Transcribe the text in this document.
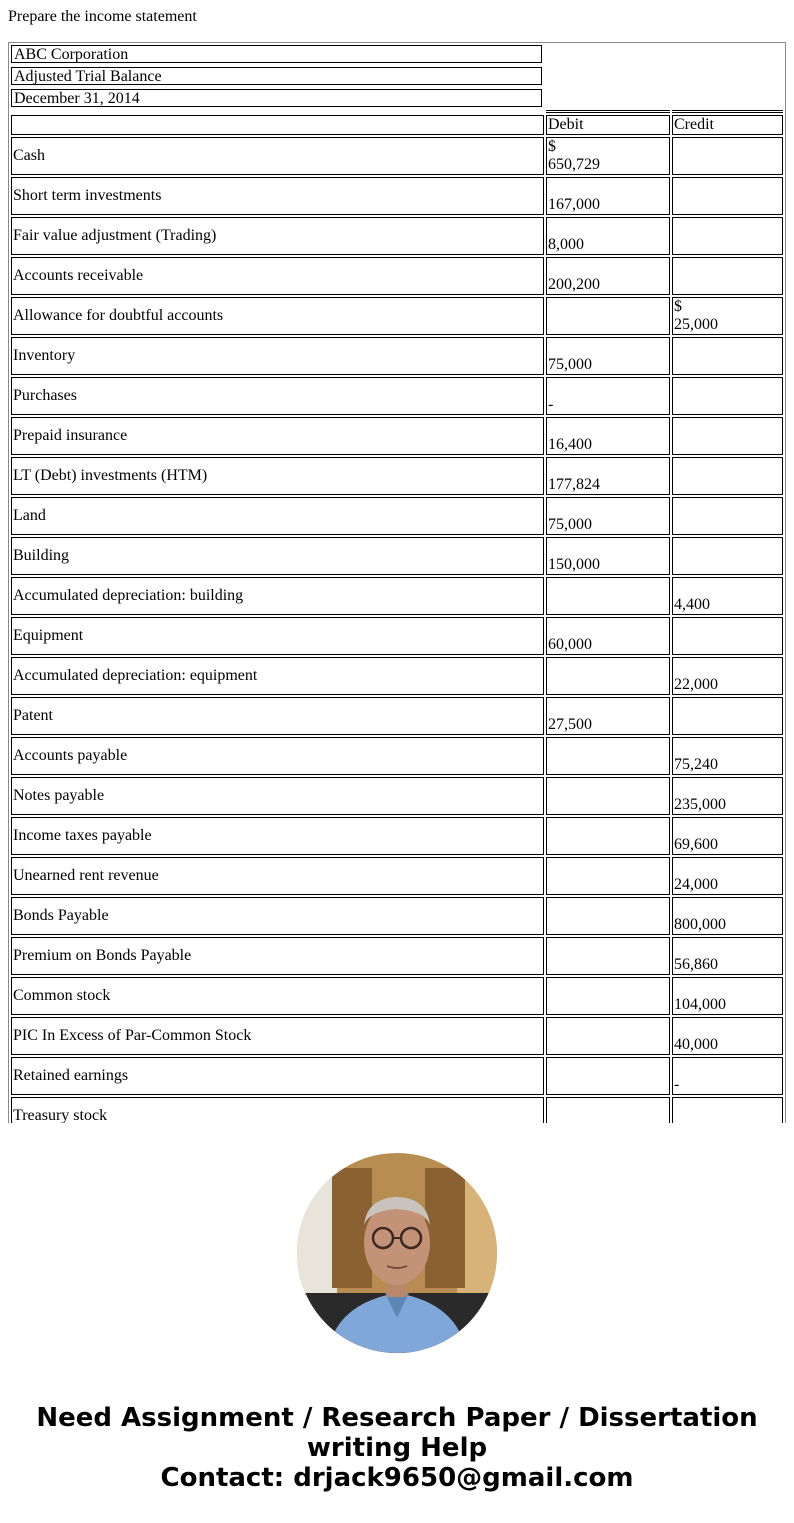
Prepare the income statement
ABC Corporation
Adjusted Trial Balance
December 31, 2014
Debit	Credit
Cash
$
650,729
Short term investments
167,000
Fair value adjustment (Trading)
8,000
Accounts receivable
200,200
Allowance for doubtful accounts
$
25,000
Inventory
75,000
Purchases
-
Prepaid insurance
16,400
LT (Debt) investments (HTM)
177,824
Land
75,000
Building
150,000
Accumulated depreciation: building
4,400
Equipment
60,000
Accumulated depreciation: equipment
22,000
Patent
27,500
Accounts payable
75,240
Notes payable
235,000
Income taxes payable
69,600
Unearned rent revenue
24,000
Bonds Payable
800,000
Premium on Bonds Payable
56,860
Common stock
104,000
PIC In Excess of Par-Common Stock
40,000
Retained earnings
-
Treasury stock
Need Assignment / Research Paper / Dissertation
writing Help
Contact: drjack9650@gmail.com
